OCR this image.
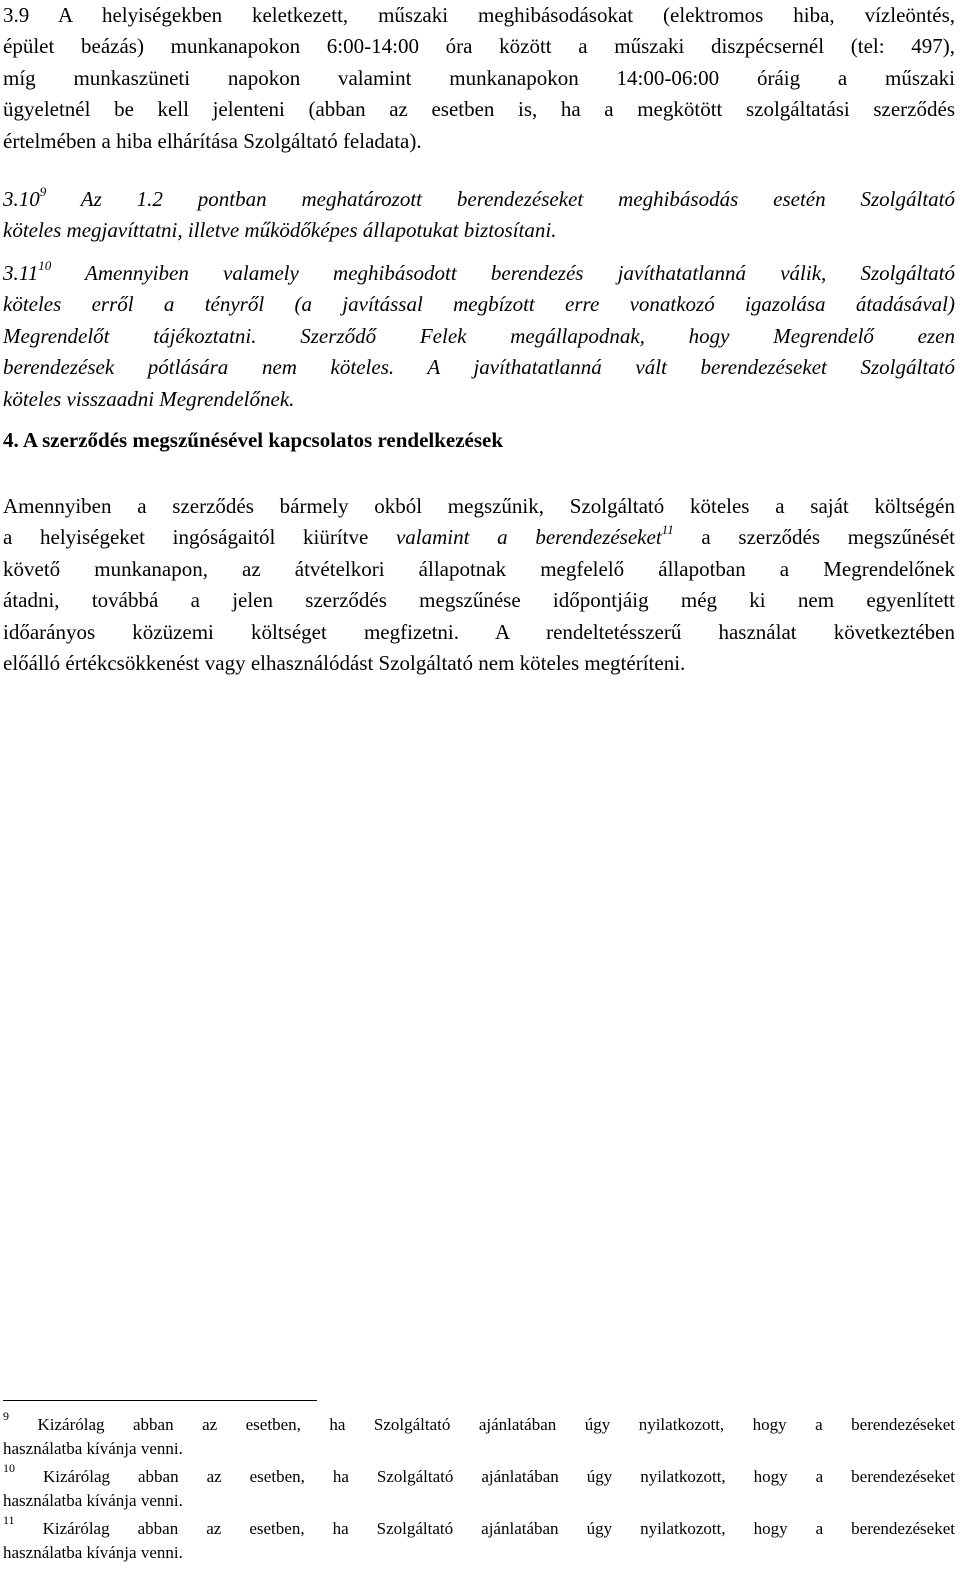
3.9 A helyiségekben keletkezett, műszaki meghibásodásokat (elektromos hiba, vízleöntés,
épület beázás) munkanapokon 6:00-14:00 óra között a műszaki diszpécsernél (tel: 497),
míg munkaszüneti napokon valamint munkanapokon 14:00-06:00 óráig a műszaki
ügyeletnél be kell jelenteni (abban az esetben is, ha a megkötött szolgáltatási szerződés
értelmében a hiba elhárítása Szolgáltató feladata).

3.10$^9$ Az 1.2 pontban meghatározott berendezéseket meghibásodás esetén Szolgáltató
köteles megjavíttatni, illetve működőképes állapotukat biztosítani.

3.11$^{10}$ Amennyiben valamely meghibásodott berendezés javíthatatlanná válik, Szolgáltató
köteles erről a tényről (a javítással megbízott erre vonatkozó igazolása átadásával)
Megrendelőt tájékoztatni. Szerződő Felek megállapodnak, hogy Megrendelő ezen
berendezések pótlására nem köteles. A javíthatatlanná vált berendezéseket Szolgáltató
köteles visszaadni Megrendelőnek.

4. A szerződés megszűnésével kapcsolatos rendelkezések

Amennyiben a szerződés bármely okból megszűnik, Szolgáltató köteles a saját költségén
a helyiségeket ingóságaitól kiürítve valamint a berendezéseket$^{11}$ a szerződés megszűnését
követő munkanapon, az átvételkori állapotnak megfelelő állapotban a Megrendelőnek
átadni, továbbá a jelen szerződés megszűnése időpontjáig még ki nem egyenlített
időarányos közüzemi költséget megfizetni. A rendeltetésszerű használat következtében
előálló értékcsökkenést vagy elhasználódást Szolgáltató nem köteles megtéríteni.

$^9$ Kizárólag abban az esetben, ha Szolgáltató ajánlatában úgy nyilatkozott, hogy a berendezéseket
használatba kívánja venni.

$^{10}$ Kizárólag abban az esetben, ha Szolgáltató ajánlatában úgy nyilatkozott, hogy a berendezéseket
használatba kívánja venni.

$^{11}$ Kizárólag abban az esetben, ha Szolgáltató ajánlatában úgy nyilatkozott, hogy a berendezéseket
használatba kívánja venni.
